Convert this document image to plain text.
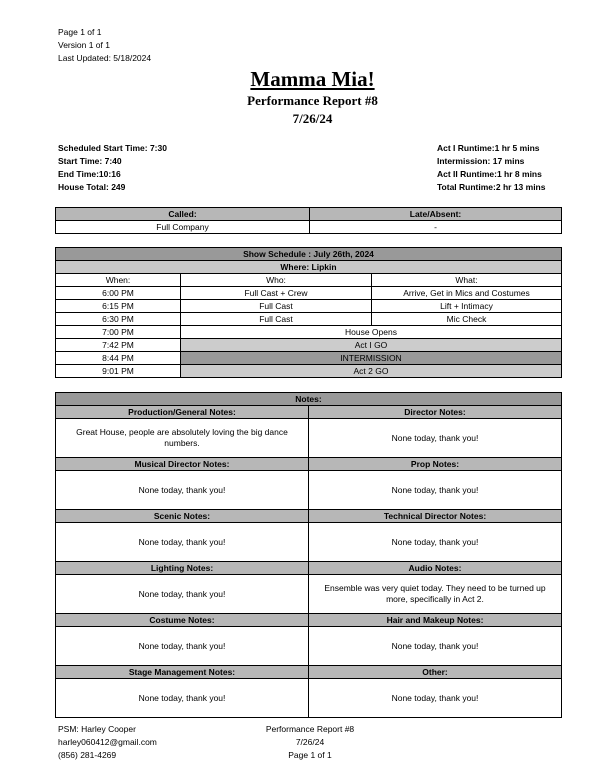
Page 1 of 1
Version 1 of 1
Last Updated: 5/18/2024
Mamma Mia!
Performance Report #8
7/26/24
Scheduled Start Time: 7:30
Start Time: 7:40
End Time:10:16
House Total: 249
Act I Runtime:1 hr 5 mins
Intermission: 17 mins
Act II Runtime:1 hr 8 mins
Total Runtime:2 hr 13 mins
Called:	Late/Absent:
Full Company	-
Show Schedule : July 26th, 2024		
Where: Lipkin		
When:	Who:	What:
6:00 PM	Full Cast + Crew	Arrive, Get in Mics and Costumes
6:15 PM	Full Cast	Lift + Intimacy
6:30 PM	Full Cast	Mic Check
7:00 PM	House Opens	
7:42 PM	Act I GO	
8:44 PM	INTERMISSION	
9:01 PM	Act 2 GO	
Notes:	
Production/General Notes:	Director Notes:
Great House, people are absolutely loving the big dance numbers.	None today, thank you!
Musical Director Notes:	Prop Notes:
None today, thank you!	None today, thank you!
Scenic Notes:	Technical Director Notes:
None today, thank you!	None today, thank you!
Lighting Notes:	Audio Notes:
None today, thank you!	Ensemble was very quiet today. They need to be turned up more, specifically in Act 2.
Costume Notes:	Hair and Makeup Notes:
None today, thank you!	None today, thank you!
Stage Management Notes:	Other:
None today, thank you!	None today, thank you!
PSM: Harley Cooper
harley060412@gmail.com
(856) 281-4269
Performance Report #8
7/26/24
Page 1 of 1
